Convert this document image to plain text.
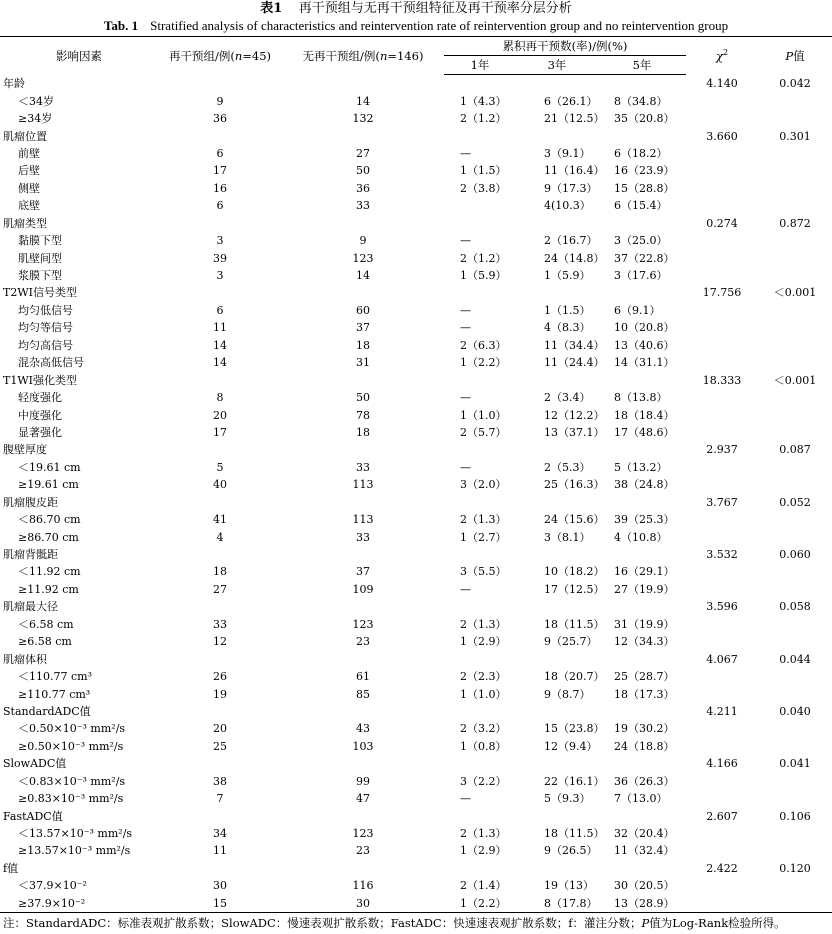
表1 再干预组与无再干预组特征及再干预率分层分析
Tab. 1 Stratified analysis of characteristics and reintervention rate of reintervention group and no reintervention group
影响因素	再干预组/例(n=45)	无再干预组/例(n=146)	累积再干预数(率)/例(%)			$\chi^2$	P值
			1年	3年	5年		
年龄						4.140	0.042
＜34岁	9	14	1（4.3）	6（26.1）	8（34.8）		
≥34岁	36	132	2（1.2）	21（12.5）	35（20.8）		
肌瘤位置						3.660	0.301
前壁	6	27	—	3（9.1）	6（18.2）		
后壁	17	50	1（1.5）	11（16.4）	16（23.9）		
侧壁	16	36	2（3.8）	9（17.3）	15（28.8）		
底壁	6	33		4(10.3）	6（15.4）		
肌瘤类型						0.274	0.872
黏膜下型	3	9	—	2（16.7）	3（25.0）		
肌壁间型	39	123	2（1.2）	24（14.8）	37（22.8）		
浆膜下型	3	14	1（5.9）	1（5.9）	3（17.6）		
T2WI信号类型						17.756	＜0.001
均匀低信号	6	60	—	1（1.5）	6（9.1）		
均匀等信号	11	37	—	4（8.3）	10（20.8）		
均匀高信号	14	18	2（6.3）	11（34.4）	13（40.6）		
混杂高低信号	14	31	1（2.2）	11（24.4）	14（31.1）		
T1WI强化类型						18.333	＜0.001
轻度强化	8	50	—	2（3.4）	8（13.8）		
中度强化	20	78	1（1.0）	12（12.2）	18（18.4）		
显著强化	17	18	2（5.7）	13（37.1）	17（48.6）		
腹壁厚度						2.937	0.087
＜19.61 cm	5	33	—	2（5.3）	5（13.2）		
≥19.61 cm	40	113	3（2.0）	25（16.3）	38（24.8）		
肌瘤腹皮距						3.767	0.052
＜86.70 cm	41	113	2（1.3）	24（15.6）	39（25.3）		
≥86.70 cm	4	33	1（2.7）	3（8.1）	4（10.8）		
肌瘤背骶距						3.532	0.060
＜11.92 cm	18	37	3（5.5）	10（18.2）	16（29.1）		
≥11.92 cm	27	109	—	17（12.5）	27（19.9）		
肌瘤最大径						3.596	0.058
＜6.58 cm	33	123	2（1.3）	18（11.5）	31（19.9）		
≥6.58 cm	12	23	1（2.9）	9（25.7）	12（34.3）		
肌瘤体积						4.067	0.044
＜110.77 cm³	26	61	2（2.3）	18（20.7）	25（28.7）		
≥110.77 cm³	19	85	1（1.0）	9（8.7）	18（17.3）		
StandardADC值						4.211	0.040
＜0.50×10⁻³ mm²/s	20	43	2（3.2）	15（23.8）	19（30.2）		
≥0.50×10⁻³ mm²/s	25	103	1（0.8）	12（9.4）	24（18.8）		
SlowADC值						4.166	0.041
＜0.83×10⁻³ mm²/s	38	99	3（2.2）	22（16.1）	36（26.3）		
≥0.83×10⁻³ mm²/s	7	47	—	5（9.3）	7（13.0）		
FastADC值						2.607	0.106
＜13.57×10⁻³ mm²/s	34	123	2（1.3）	18（11.5）	32（20.4）		
≥13.57×10⁻³ mm²/s	11	23	1（2.9）	9（26.5）	11（32.4）		
f值						2.422	0.120
＜37.9×10⁻²	30	116	2（1.4）	19（13）	30（20.5）		
≥37.9×10⁻²	15	30	1（2.2）	8（17.8）	13（28.9）		
注：StandardADC：标准表观扩散系数；SlowADC：慢速表观扩散系数；FastADC：快速速表观扩散系数；f：灌注分数；P值为Log-Rank检验所得。
